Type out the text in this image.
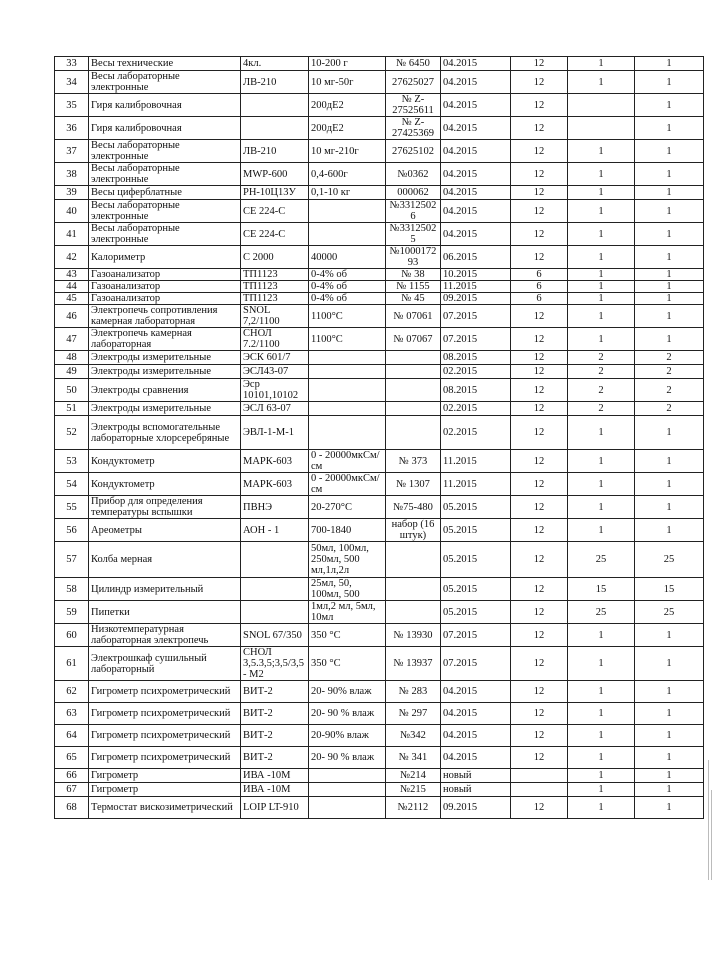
33	Весы технические	4кл.	10-200 г	№ 6450	04.2015	12	1	1
34	Весы лабораторные электронные	ЛВ-210	10 мг-50г	27625027	04.2015	12	1	1
35	Гиря калибровочная		200дЕ2	№ Z-27525611	04.2015	12		1
36	Гиря калибровочная		200дЕ2	№ Z-27425369	04.2015	12		1
37	Весы лабораторные электронные	ЛВ-210	10 мг-210г	27625102	04.2015	12	1	1
38	Весы лабораторные электронные	MWP-600	0,4-600г	№0362	04.2015	12	1	1
39	Весы циферблатные	РН-10Ц13У	0,1-10 кг	000062	04.2015	12	1	1
40	Весы лабораторные электронные	CE 224-C		№3312502 6	04.2015	12	1	1
41	Весы лабораторные электронные	CE 224-C		№3312502 5	04.2015	12	1	1
42	Калориметр	С 2000	40000	№1000172 93	06.2015	12	1	1
43	Газоанализатор	ТП1123	0-4% об	№ 38	10.2015	6	1	1
44	Газоанализатор	ТП1123	0-4% об	№ 1155	11.2015	6	1	1
45	Газоанализатор	ТП1123	0-4% об	№ 45	09.2015	6	1	1
46	Электропечь сопротивления камерная лабораторная	SNOL 7,2/1100	1100°С	№ 07061	07.2015	12	1	1
47	Электропечь камерная лабораторная	СНОЛ 7.2/1100	1100°С	№ 07067	07.2015	12	1	1
48	Электроды измерительные	ЭСК 601/7			08.2015	12	2	2
49	Электроды измерительные	ЭСЛ43-07			02.2015	12	2	2
50	Электроды сравнения	Эср 10101,10102			08.2015	12	2	2
51	Электроды измерительные	ЭСЛ 63-07			02.2015	12	2	2
52	Электроды вспомогательные лабораторные хлорсеребряные	ЭВЛ-1-М-1			02.2015	12	1	1
53	Кондуктометр	МАРК-603	0 - 20000мкСм/см	№ 373	11.2015	12	1	1
54	Кондуктометр	МАРК-603	0 - 20000мкСм/см	№ 1307	11.2015	12	1	1
55	Прибор для определения температуры вспышки	ПВНЭ	20-270°С	№75-480	05.2015	12	1	1
56	Ареометры	АОН - 1	700-1840	набор (16 штук)	05.2015	12	1	1
57	Колба мерная		50мл, 100мл, 250мл, 500 мл,1л,2л		05.2015	12	25	25
58	Цилиндр измерительный		25мл, 50, 100мл, 500		05.2015	12	15	15
59	Пипетки		1мл,2 мл, 5мл, 10мл		05.2015	12	25	25
60	Низкотемпературная лабораторная электропечь	SNOL 67/350	350 °С	№ 13930	07.2015	12	1	1
61	Электрошкаф сушильный лабораторный	СНОЛ 3,5.3,5;3,5/3,5- М2	350 °С	№ 13937	07.2015	12	1	1
62	Гигрометр психрометрический	ВИТ-2	20- 90% влаж	№ 283	04.2015	12	1	1
63	Гигрометр психрометрический	ВИТ-2	20- 90 % влаж	№ 297	04.2015	12	1	1
64	Гигрометр психрометрический	ВИТ-2	20-90% влаж	№342	04.2015	12	1	1
65	Гигрометр психрометрический	ВИТ-2	20- 90 % влаж	№ 341	04.2015	12	1	1
66	Гигрометр	ИВА -10М		№214	новый		1	1
67	Гигрометр	ИВА -10М		№215	новый		1	1
68	Термостат вискозиметрический	LOIP LT-910		№2112	09.2015	12	1	1
